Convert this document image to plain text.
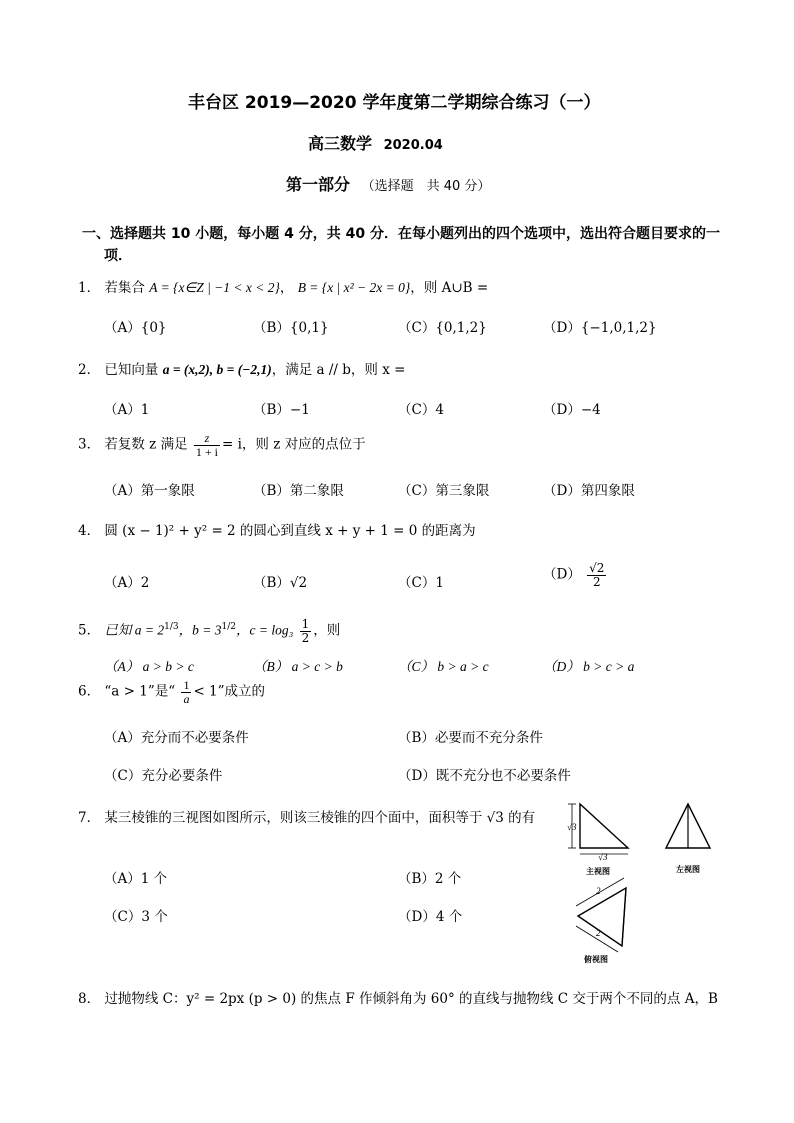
丰台区 2019—2020 学年度第二学期综合练习（一）
高三数学 2020.04
第一部分 （选择题　共 40 分）
一、选择题共 10 小题，每小题 4 分，共 40 分．在每小题列出的四个选项中，选出符合题目要求的一
项．
1． 若集合 A = {x∈Z | −1 < x < 2}， B = {x | x² − 2x = 0}，则 A∪B =
（A）{0}	（B）{0,1}	（C）{0,1,2}	（D）{−1,0,1,2}
2． 已知向量 a = (x,2), b = (−2,1)，满足 a // b，则 x =
（A）1	（B）−1	（C）4	（D）−4
3． 若复数 z 满足 $\frac{z}{1 + i} = i$，则 z 对应的点位于
（A）第一象限	（B）第二象限	（C）第三象限	（D）第四象限
4． 圆 (x − 1)² + y² = 2 的圆心到直线 x + y + 1 = 0 的距离为
（A）2	（B）√2	（C）1
$(D) \frac{√2}{2}$
5． 已知 $a = 2^{1/3}$，$b = 3^{1/2}$，$c = \log_3 \frac{1}{2}$ ，则
（A） a > b > c	（B） a > c > b	（C） b > a > c	（D） b > c > a
6． “a > 1”是“ $\frac{1}{a} < 1$”成立的
（A）充分而不必要条件	（B）必要而不充分条件
（C）充分必要条件	（D）既不充分也不必要条件
7． 某三棱锥的三视图如图所示，则该三棱锥的四个面中，面积等于 √3 的有
（A）1 个	（B）2 个
（C）3 个	（D）4 个
√3
√3
主视图	左视图
2
2
俯视图
8． 过抛物线 C：y² = 2px (p > 0) 的焦点 F 作倾斜角为 60° 的直线与抛物线 C 交于两个不同的点 A，B
